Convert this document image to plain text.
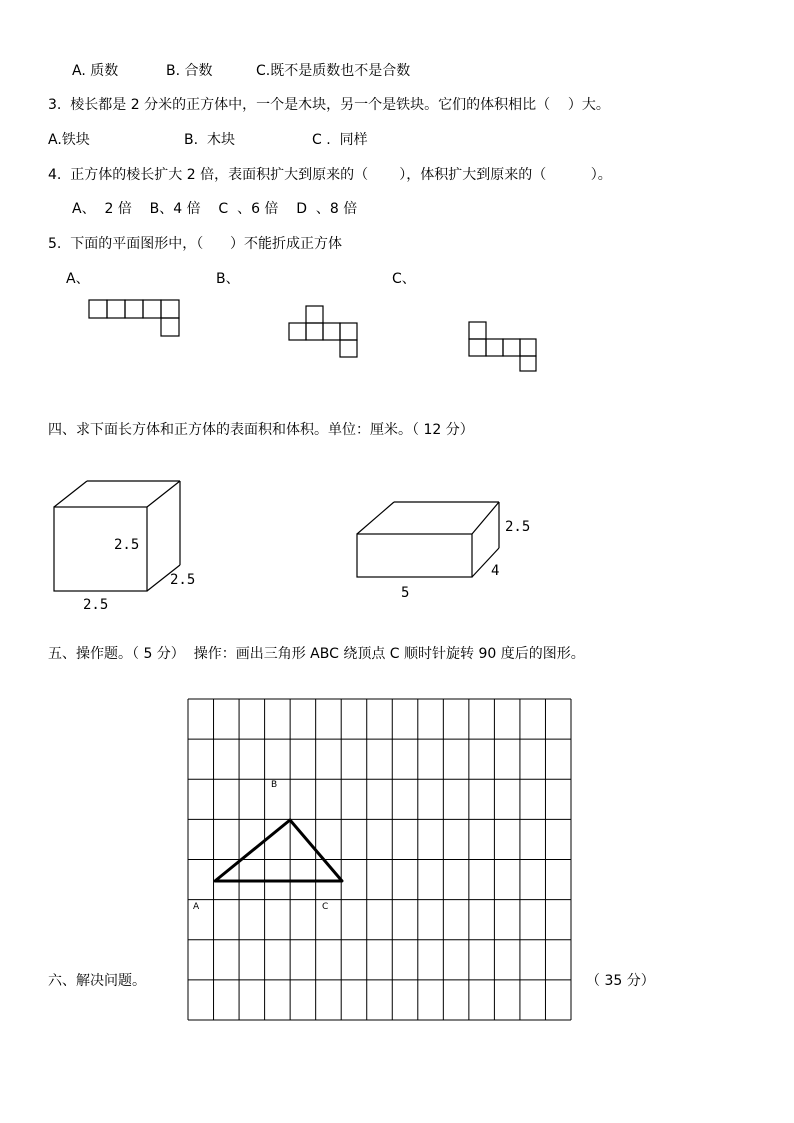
A. 质数	B. 合数	C.既不是质数也不是合数
3.  棱长都是 2 分米的正方体中，一个是木块，另一个是铁块。它们的体积相比（    ）大。
A.铁块	B.  木块	C .  同样
4.  正方体的棱长扩大 2 倍，表面积扩大到原来的（       ），体积扩大到原来的（          ）。
A、  2 倍    B、4 倍    C  、6 倍    D  、8 倍
5.  下面的平面图形中，（      ）不能折成正方体
A、	B、	C、
四、求下面长方体和正方体的表面积和体积。单位：厘米。（ 12 分）
2.5
2.5
2.5
2.5
4
5
五、操作题。（ 5 分）  操作：画出三角形 ABC 绕顶点 C 顺时针旋转 90 度后的图形。
B
A	C
六、解决问题。	（ 35 分）
